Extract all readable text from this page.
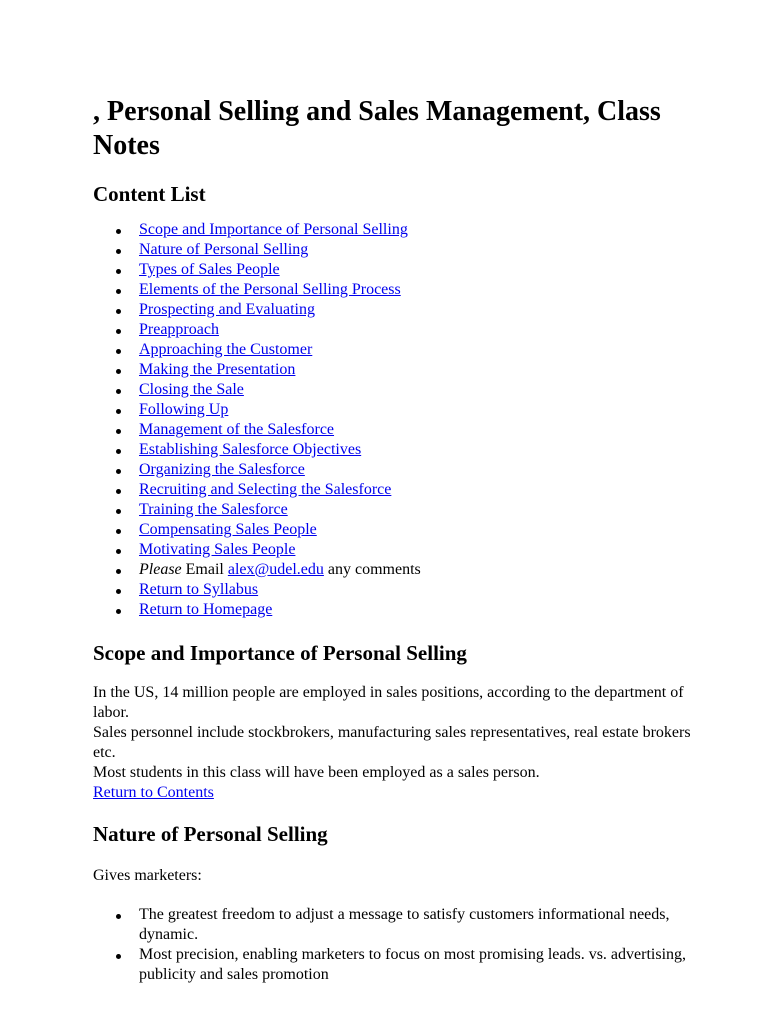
, Personal Selling and Sales Management, Class Notes
Content List
Scope and Importance of Personal Selling
Nature of Personal Selling
Types of Sales People
Elements of the Personal Selling Process
Prospecting and Evaluating
Preapproach
Approaching the Customer
Making the Presentation
Closing the Sale
Following Up
Management of the Salesforce
Establishing Salesforce Objectives
Organizing the Salesforce
Recruiting and Selecting the Salesforce
Training the Salesforce
Compensating Sales People
Motivating Sales People
Please Email alex@udel.edu any comments
Return to Syllabus
Return to Homepage
Scope and Importance of Personal Selling
In the US, 14 million people are employed in sales positions, according to the department of labor.
Sales personnel include stockbrokers, manufacturing sales representatives, real estate brokers etc.
Most students in this class will have been employed as a sales person.
Return to Contents
Nature of Personal Selling
Gives marketers:
The greatest freedom to adjust a message to satisfy customers informational needs, dynamic.
Most precision, enabling marketers to focus on most promising leads. vs. advertising, publicity and sales promotion
